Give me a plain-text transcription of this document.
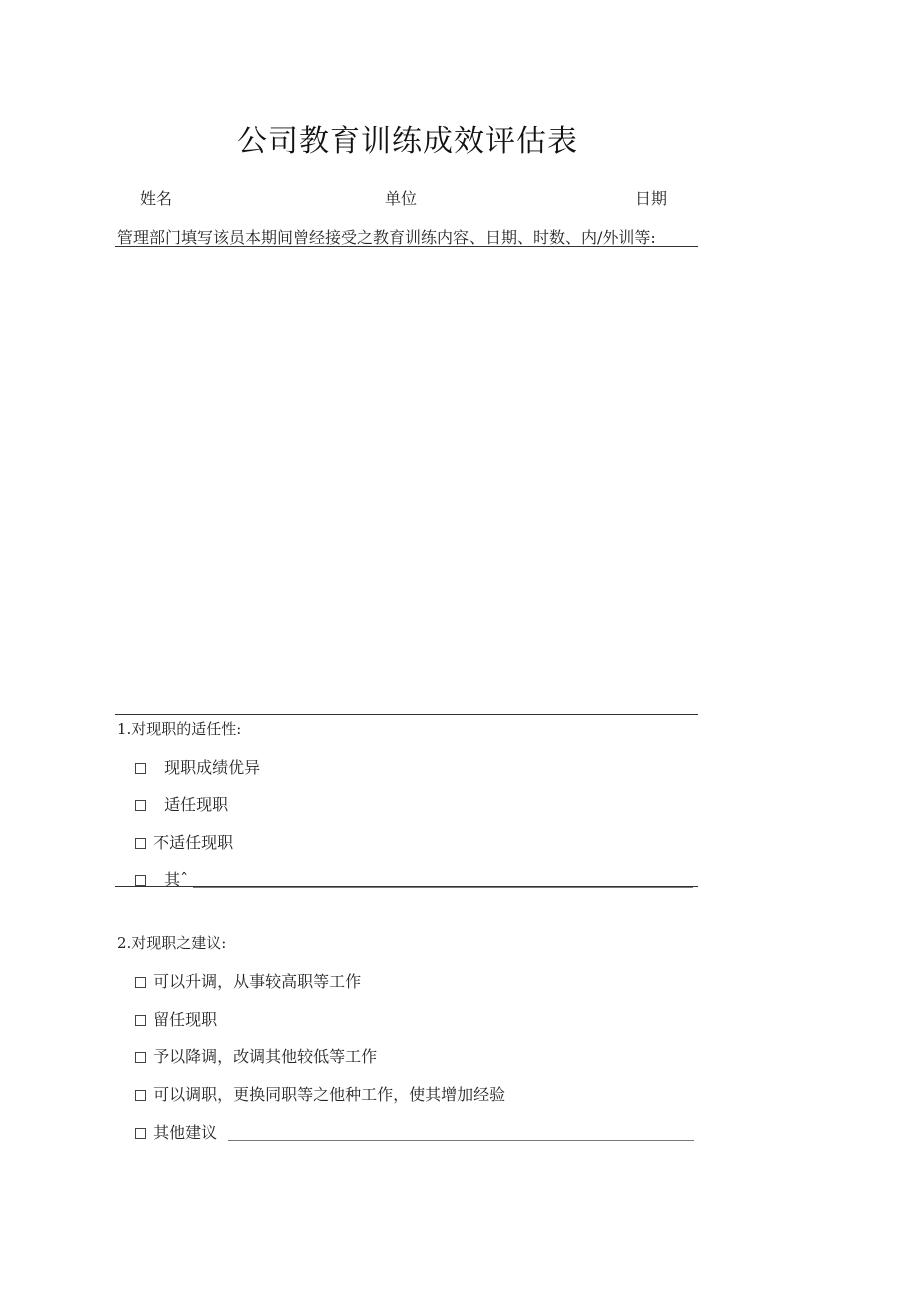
公司教育训练成效评估表
姓名	单位	日期
管理部门填写该员本期间曾经接受之教育训练内容、日期、时数、内/外训等:
1.对现职的适任性:
现职成绩优异
适任现职
不适任现职
其ˆ
2.对现职之建议:
可以升调，从事较高职等工作
留任现职
予以降调，改调其他较低等工作
可以调职，更换同职等之他种工作，使其增加经验
其他建议
